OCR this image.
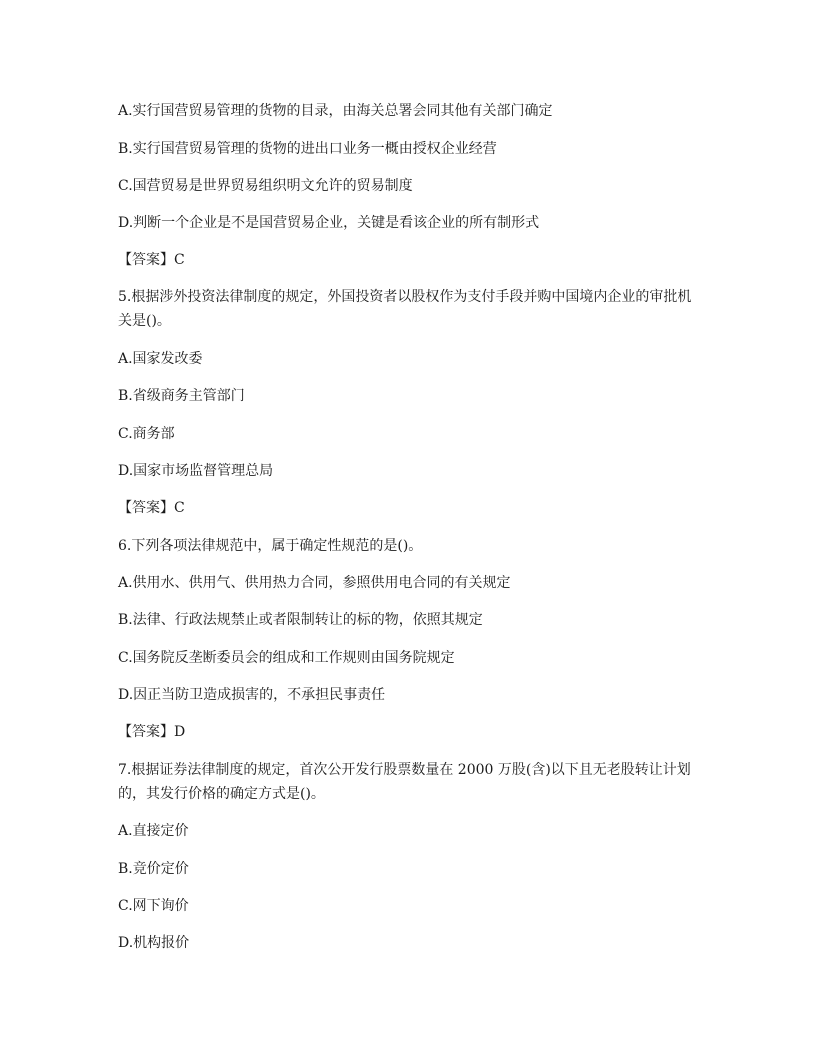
A.实行国营贸易管理的货物的目录，由海关总署会同其他有关部门确定
B.实行国营贸易管理的货物的进出口业务一概由授权企业经营
C.国营贸易是世界贸易组织明文允许的贸易制度
D.判断一个企业是不是国营贸易企业，关键是看该企业的所有制形式
【答案】C
5.根据涉外投资法律制度的规定，外国投资者以股权作为支付手段并购中国境内企业的审批机
关是()。
A.国家发改委
B.省级商务主管部门
C.商务部
D.国家市场监督管理总局
【答案】C
6.下列各项法律规范中，属于确定性规范的是()。
A.供用水、供用气、供用热力合同，参照供用电合同的有关规定
B.法律、行政法规禁止或者限制转让的标的物，依照其规定
C.国务院反垄断委员会的组成和工作规则由国务院规定
D.因正当防卫造成损害的，不承担民事责任
【答案】D
7.根据证券法律制度的规定，首次公开发行股票数量在 2000 万股(含)以下且无老股转让计划
的，其发行价格的确定方式是()。
A.直接定价
B.竞价定价
C.网下询价
D.机构报价
